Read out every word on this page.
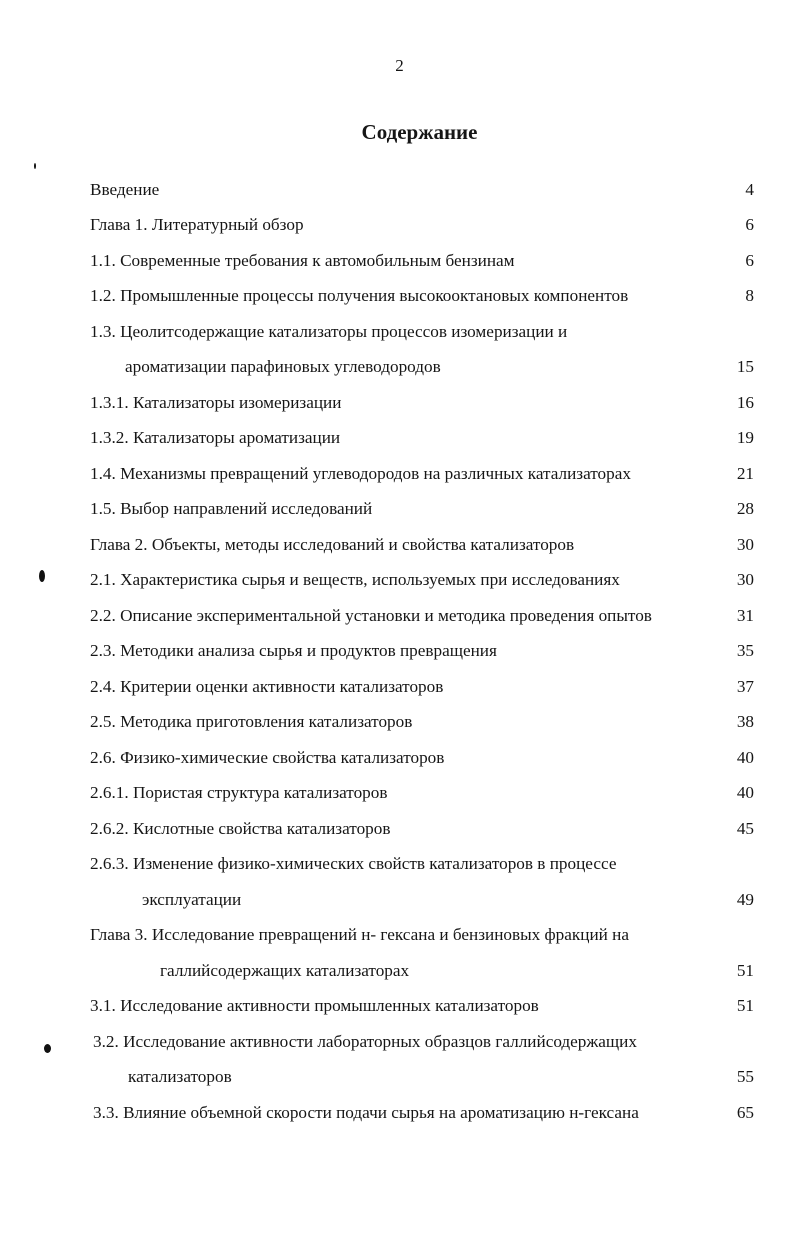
2
Содержание
Введение	4
Глава 1. Литературный обзор	6
1.1. Современные требования к автомобильным бензинам	6
1.2. Промышленные процессы получения высокооктановых компонентов	8
1.3. Цеолитсодержащие катализаторы процессов изомеризации и
ароматизации парафиновых углеводородов	15
1.3.1. Катализаторы изомеризации	16
1.3.2. Катализаторы ароматизации	19
1.4. Механизмы превращений углеводородов на различных катализаторах	21
1.5. Выбор направлений исследований	28
Глава 2. Объекты, методы исследований и свойства катализаторов	30
2.1. Характеристика сырья и веществ, используемых при исследованиях	30
2.2. Описание экспериментальной установки и методика проведения опытов	31
2.3. Методики анализа сырья и продуктов превращения	35
2.4. Критерии оценки активности катализаторов	37
2.5. Методика приготовления катализаторов	38
2.6. Физико-химические свойства катализаторов	40
2.6.1. Пористая структура катализаторов	40
2.6.2. Кислотные свойства катализаторов	45
2.6.3. Изменение физико-химических свойств катализаторов в процессе
эксплуатации	49
Глава 3. Исследование превращений н- гексана и бензиновых фракций на
галлийсодержащих катализаторах	51
3.1. Исследование активности промышленных катализаторов	51
3.2. Исследование активности лабораторных образцов галлийсодержащих
катализаторов	55
3.3. Влияние объемной скорости подачи сырья на ароматизацию н-гексана	65
